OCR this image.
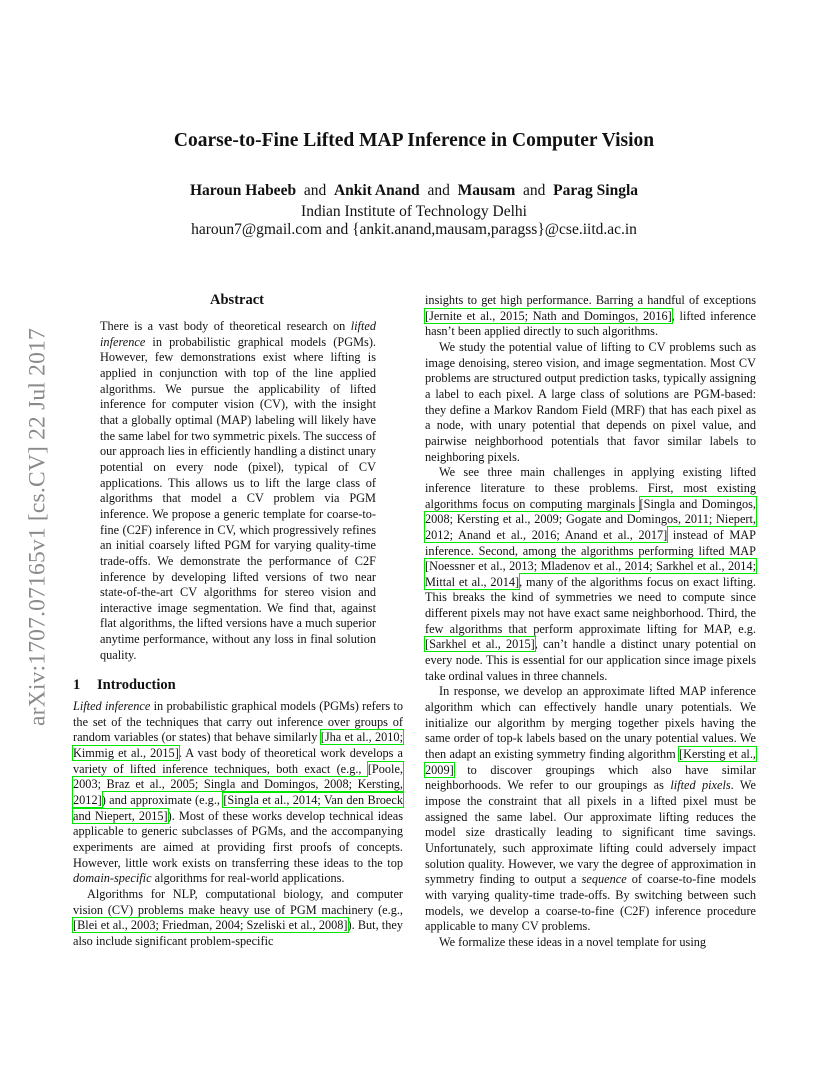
arXiv:1707.07165v1 [cs.CV] 22 Jul 2017
Coarse-to-Fine Lifted MAP Inference in Computer Vision
Haroun Habeeb and Ankit Anand and Mausam and Parag Singla
Indian Institute of Technology Delhi
haroun7@gmail.com and {ankit.anand,mausam,paragss}@cse.iitd.ac.in
Abstract

There is a vast body of theoretical research on lifted inference in probabilistic graphical models (PGMs). However, few demonstrations exist where lifting is applied in conjunction with top of the line applied algorithms. We pursue the applicability of lifted inference for computer vision (CV), with the insight that a globally optimal (MAP) labeling will likely have the same label for two symmetric pixels. The success of our approach lies in efficiently handling a distinct unary potential on every node (pixel), typical of CV applications. This allows us to lift the large class of algorithms that model a CV problem via PGM inference. We propose a generic template for coarse-to-fine (C2F) inference in CV, which progressively refines an initial coarsely lifted PGM for varying quality-time trade-offs. We demonstrate the performance of C2F inference by developing lifted versions of two near state-of-the-art CV algorithms for stereo vision and interactive image segmentation. We find that, against flat algorithms, the lifted versions have a much superior anytime performance, without any loss in final solution quality.

1 Introduction

Lifted inference in probabilistic graphical models (PGMs) refers to the set of the techniques that carry out inference over groups of random variables (or states) that behave similarly [Jha et al., 2010; Kimmig et al., 2015]. A vast body of theoretical work develops a variety of lifted inference techniques, both exact (e.g., [Poole, 2003; Braz et al., 2005; Singla and Domingos, 2008; Kersting, 2012]) and approximate (e.g., [Singla et al., 2014; Van den Broeck and Niepert, 2015]). Most of these works develop technical ideas applicable to generic subclasses of PGMs, and the accompanying experiments are aimed at providing first proofs of concepts. However, little work exists on transferring these ideas to the top domain-specific algorithms for real-world applications.

Algorithms for NLP, computational biology, and computer vision (CV) problems make heavy use of PGM machinery (e.g., [Blei et al., 2003; Friedman, 2004; Szeliski et al., 2008]). But, they also include significant problem-specific

insights to get high performance. Barring a handful of exceptions [Jernite et al., 2015; Nath and Domingos, 2016], lifted inference hasn’t been applied directly to such algorithms.

We study the potential value of lifting to CV problems such as image denoising, stereo vision, and image segmentation. Most CV problems are structured output prediction tasks, typically assigning a label to each pixel. A large class of solutions are PGM-based: they define a Markov Random Field (MRF) that has each pixel as a node, with unary potential that depends on pixel value, and pairwise neighborhood potentials that favor similar labels to neighboring pixels.

We see three main challenges in applying existing lifted inference literature to these problems. First, most existing algorithms focus on computing marginals [Singla and Domingos, 2008; Kersting et al., 2009; Gogate and Domingos, 2011; Niepert, 2012; Anand et al., 2016; Anand et al., 2017] instead of MAP inference. Second, among the algorithms performing lifted MAP [Noessner et al., 2013; Mladenov et al., 2014; Sarkhel et al., 2014; Mittal et al., 2014], many of the algorithms focus on exact lifting. This breaks the kind of symmetries we need to compute since different pixels may not have exact same neighborhood. Third, the few algorithms that perform approximate lifting for MAP, e.g. [Sarkhel et al., 2015], can’t handle a distinct unary potential on every node. This is essential for our application since image pixels take ordinal values in three channels.

In response, we develop an approximate lifted MAP inference algorithm which can effectively handle unary potentials. We initialize our algorithm by merging together pixels having the same order of top-k labels based on the unary potential values. We then adapt an existing symmetry finding algorithm [Kersting et al., 2009] to discover groupings which also have similar neighborhoods. We refer to our groupings as lifted pixels. We impose the constraint that all pixels in a lifted pixel must be assigned the same label. Our approximate lifting reduces the model size drastically leading to significant time savings. Unfortunately, such approximate lifting could adversely impact solution quality. However, we vary the degree of approximation in symmetry finding to output a sequence of coarse-to-fine models with varying quality-time trade-offs. By switching between such models, we develop a coarse-to-fine (C2F) inference procedure applicable to many CV problems.

We formalize these ideas in a novel template for using
